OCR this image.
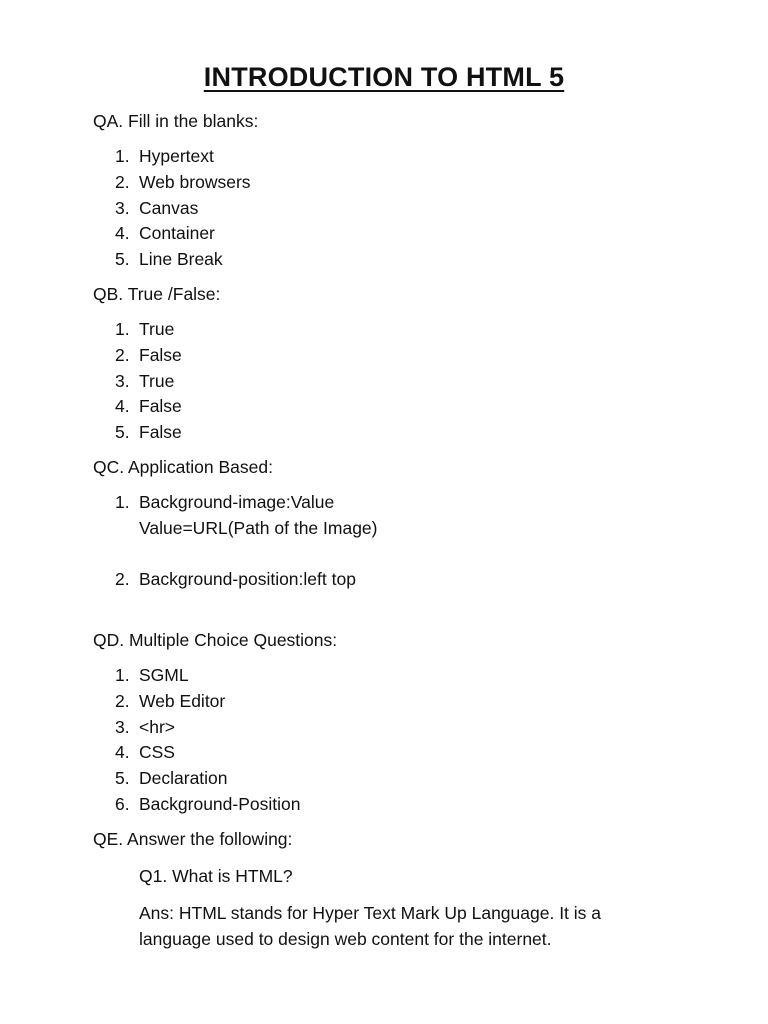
INTRODUCTION TO HTML 5

QA. Fill in the blanks:

1. Hypertext
2. Web browsers
3. Canvas
4. Container
5. Line Break

QB. True /False:

1. True
2. False
3. True
4. False
5. False

QC. Application Based:

1. Background-image:Value
Value=URL(Path of the Image)
2. Background-position:left top

QD. Multiple Choice Questions:

1. SGML
2. Web Editor
3. <hr>
4. CSS
5. Declaration
6. Background-Position

QE. Answer the following:

Q1. What is HTML?

Ans: HTML stands for Hyper Text Mark Up Language. It is a language used to design web content for the internet.
